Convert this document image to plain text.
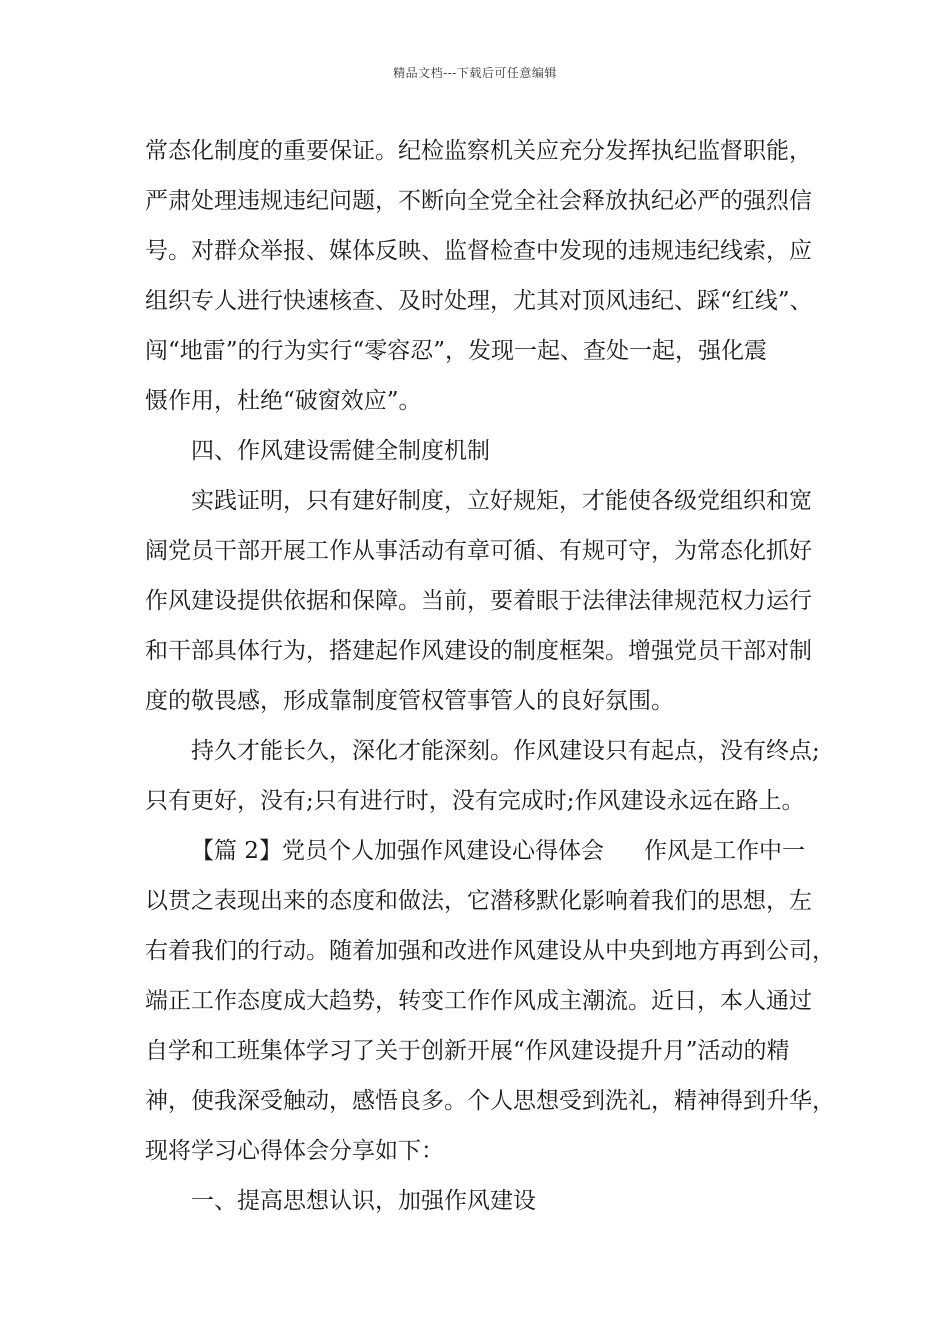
精品文档---下载后可任意编辑

常态化制度的重要保证。纪检监察机关应充分发挥执纪监督职能，
严肃处理违规违纪问题，不断向全党全社会释放执纪必严的强烈信
号。对群众举报、媒体反映、监督检查中发现的违规违纪线索，应
组织专人进行快速核查、及时处理，尤其对顶风违纪、踩“红线”、
闯“地雷”的行为实行“零容忍”，发现一起、查处一起，强化震
慑作用，杜绝“破窗效应”。

四、作风建设需健全制度机制

实践证明，只有建好制度，立好规矩，才能使各级党组织和宽
阔党员干部开展工作从事活动有章可循、有规可守，为常态化抓好
作风建设提供依据和保障。当前，要着眼于法律法律规范权力运行
和干部具体行为，搭建起作风建设的制度框架。增强党员干部对制
度的敬畏感，形成靠制度管权管事管人的良好氛围。

持久才能长久，深化才能深刻。作风建设只有起点，没有终点;
只有更好，没有;只有进行时，没有完成时;作风建设永远在路上。

【篇 2】党员个人加强作风建设心得体会 作风是工作中一
以贯之表现出来的态度和做法，它潜移默化影响着我们的思想，左
右着我们的行动。随着加强和改进作风建设从中央到地方再到公司，
端正工作态度成大趋势，转变工作作风成主潮流。近日，本人通过
自学和工班集体学习了关于创新开展“作风建设提升月”活动的精
神，使我深受触动，感悟良多。个人思想受到洗礼，精神得到升华，
现将学习心得体会分享如下：

一、提高思想认识，加强作风建设
